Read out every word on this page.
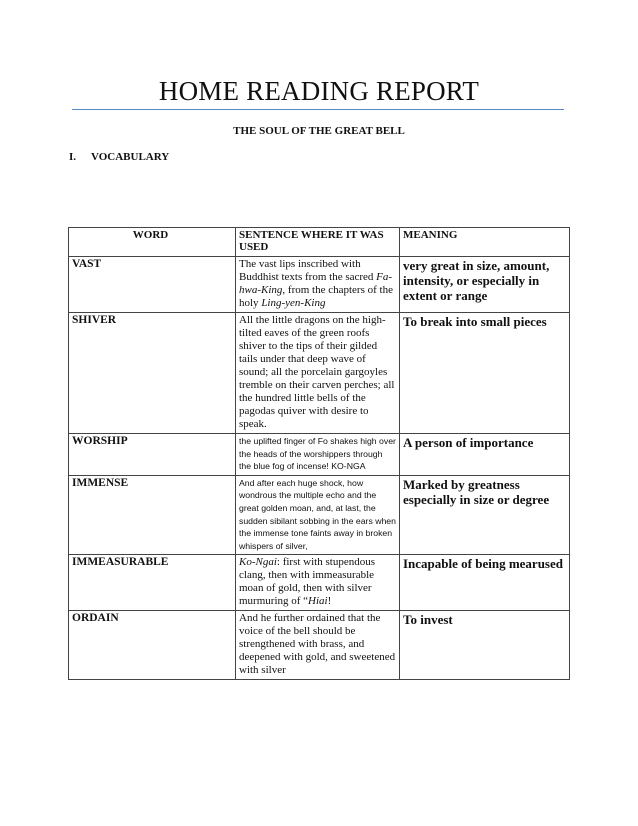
HOME READING REPORT
THE SOUL OF THE GREAT BELL
I. VOCABULARY
WORD	SENTENCE WHERE IT WAS USED	MEANING
VAST	The vast lips inscribed with Buddhist texts from the sacred Fa-hwa-King, from the chapters of the holy Ling-yen-King	very great in size, amount, intensity, or especially in extent or range
SHIVER	All the little dragons on the high-tilted eaves of the green roofs shiver to the tips of their gilded tails under that deep wave of sound; all the porcelain gargoyles tremble on their carven perches; all the hundred little bells of the pagodas quiver with desire to speak.	To break into small pieces
WORSHIP	the uplifted finger of Fo shakes high over the heads of the worshippers through the blue fog of incense! KO-NGA	A person of importance
IMMENSE	And after each huge shock, how wondrous the multiple echo and the great golden moan, and, at last, the sudden sibilant sobbing in the ears when the immense tone faints away in broken whispers of silver,	Marked by greatness especially in size or degree
IMMEASURABLE	Ko-Ngai: first with stupendous clang, then with immeasurable moan of gold, then with silver murmuring of “Hiai!	Incapable of being mearused
ORDAIN	And he further ordained that the voice of the bell should be strengthened with brass, and deepened with gold, and sweetened with silver	To invest
